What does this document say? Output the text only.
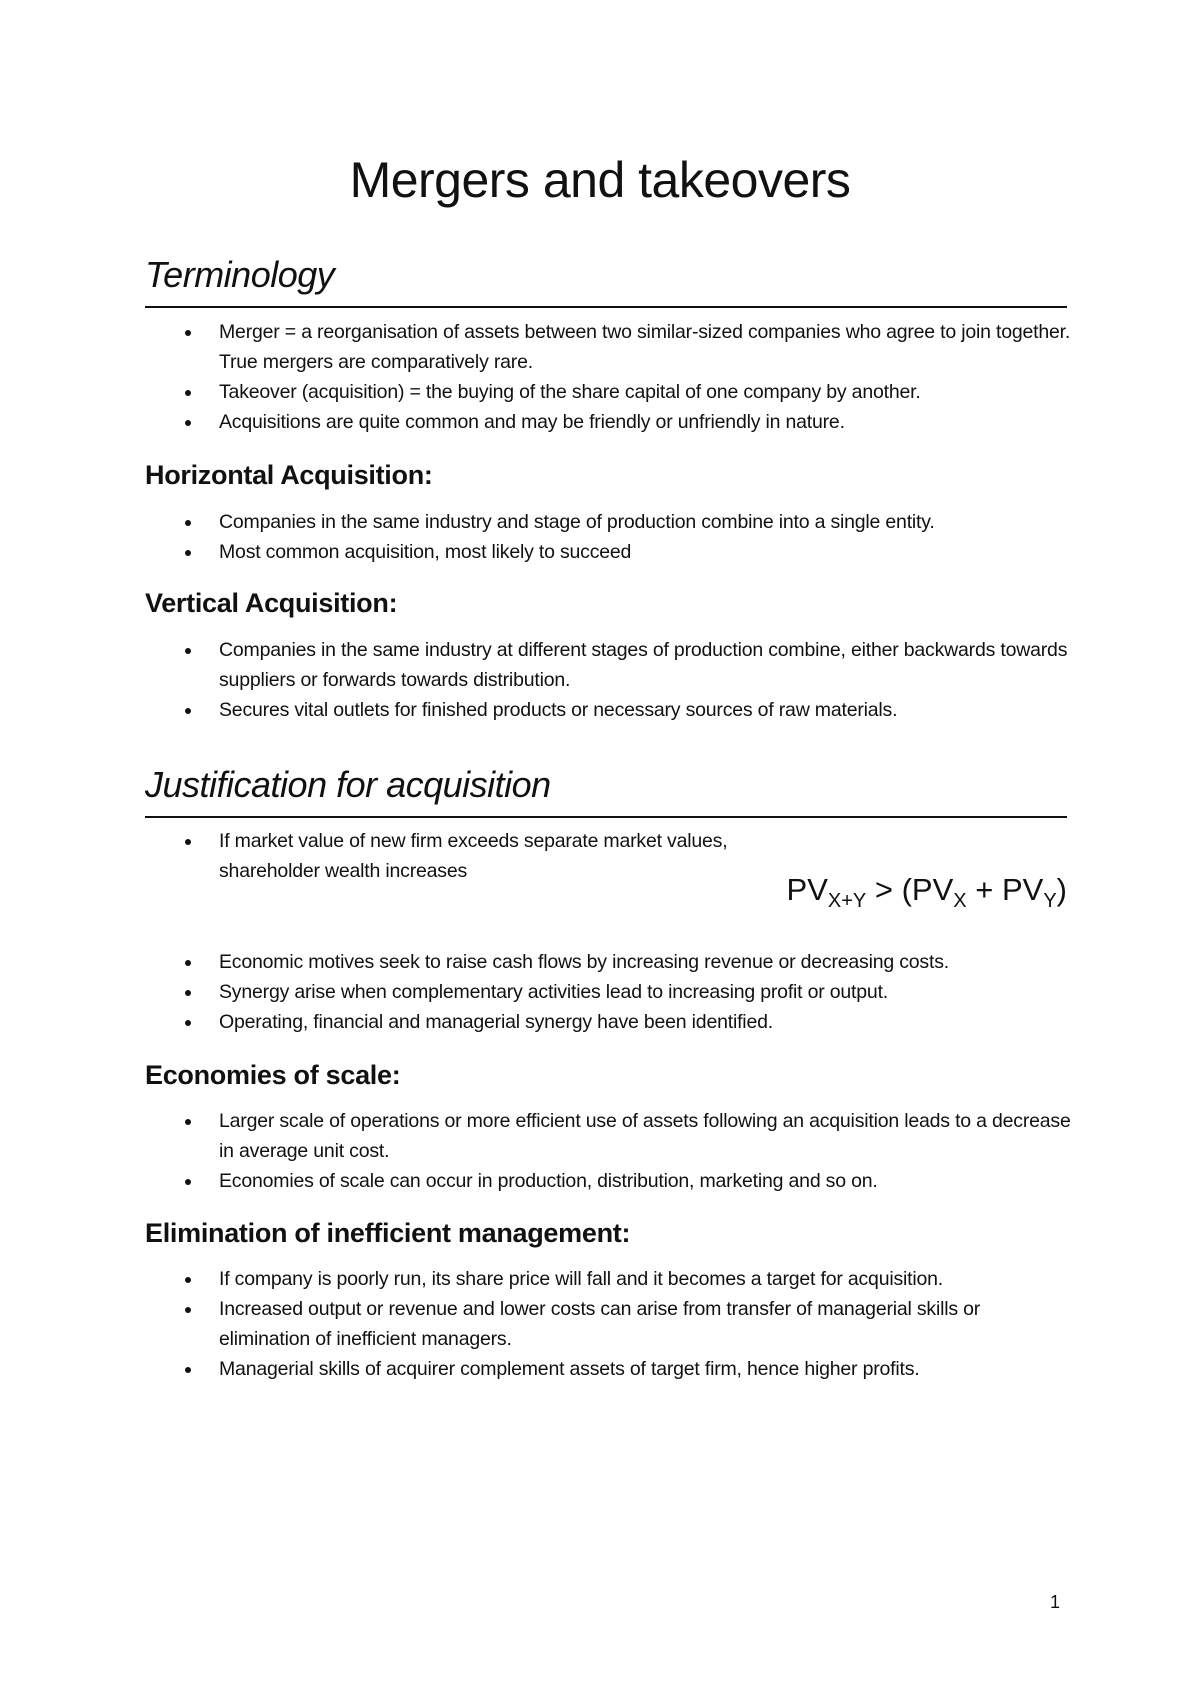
Mergers and takeovers
Terminology
Merger = a reorganisation of assets between two similar-sized companies who agree to join together. True mergers are comparatively rare.
Takeover (acquisition) = the buying of the share capital of one company by another.
Acquisitions are quite common and may be friendly or unfriendly in nature.
Horizontal Acquisition:
Companies in the same industry and stage of production combine into a single entity.
Most common acquisition, most likely to succeed
Vertical Acquisition:
Companies in the same industry at different stages of production combine, either backwards towards suppliers or forwards towards distribution.
Secures vital outlets for finished products or necessary sources of raw materials.
Justification for acquisition
If market value of new firm exceeds separate market values, shareholder wealth increases
$PV_{X+Y} > (PV_X + PV_Y)$
Economic motives seek to raise cash flows by increasing revenue or decreasing costs.
Synergy arise when complementary activities lead to increasing profit or output.
Operating, financial and managerial synergy have been identified.
Economies of scale:
Larger scale of operations or more efficient use of assets following an acquisition leads to a decrease in average unit cost.
Economies of scale can occur in production, distribution, marketing and so on.
Elimination of inefficient management:
If company is poorly run, its share price will fall and it becomes a target for acquisition.
Increased output or revenue and lower costs can arise from transfer of managerial skills or elimination of inefficient managers.
Managerial skills of acquirer complement assets of target firm, hence higher profits.
1
